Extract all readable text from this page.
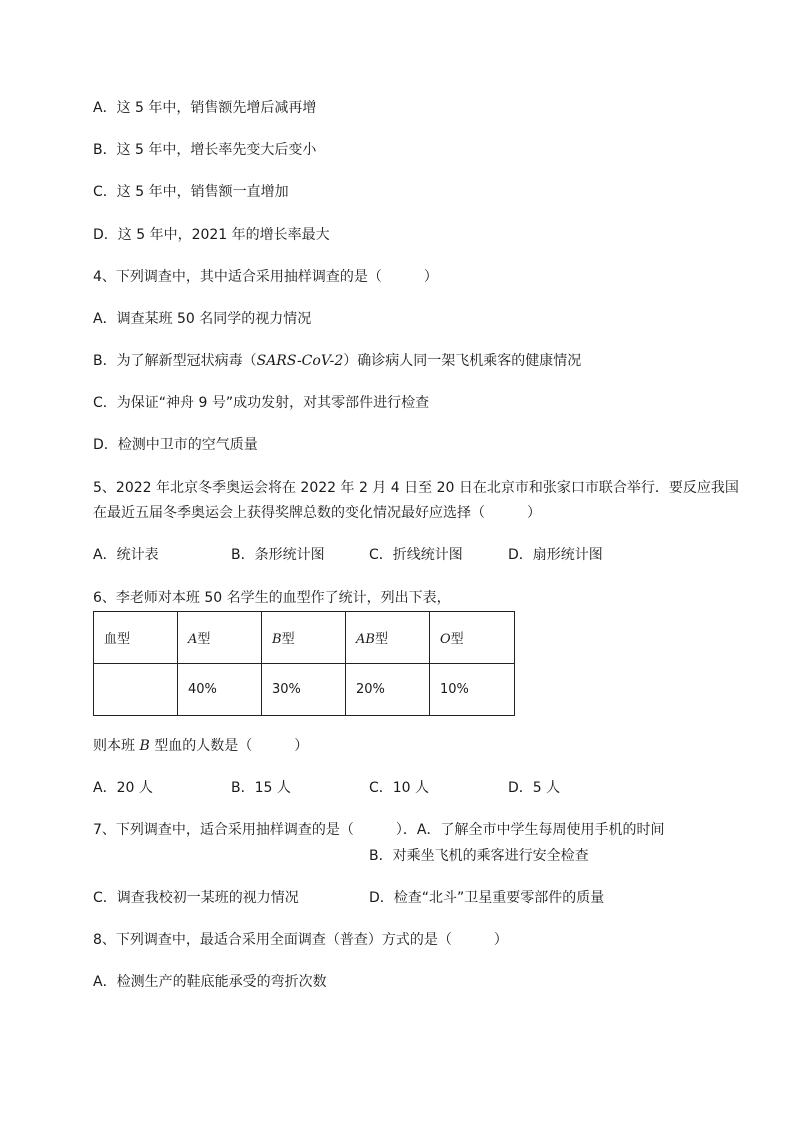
A．这 5 年中，销售额先增后减再增
B．这 5 年中，增长率先变大后变小
C．这 5 年中，销售额一直增加
D．这 5 年中，2021 年的增长率最大
4、下列调查中，其中适合采用抽样调查的是（　　　）
A．调查某班 50 名同学的视力情况
B．为了解新型冠状病毒（SARS-CoV-2）确诊病人同一架飞机乘客的健康情况
C．为保证“神舟 9 号”成功发射，对其零部件进行检查
D．检测中卫市的空气质量
5、2022 年北京冬季奥运会将在 2022 年 2 月 4 日至 20 日在北京市和张家口市联合举行．要反应我国
在最近五届冬季奥运会上获得奖牌总数的变化情况最好应选择（　　　）
A．统计表	B．条形统计图	C．折线统计图	D．扇形统计图
6、李老师对本班 50 名学生的血型作了统计，列出下表，
血型	A型	B型	AB型	O型
	40%	30%	20%	10%
则本班 B 型血的人数是（　　　）
A．20 人	B．15 人	C．10 人	D．5 人
7、下列调查中，适合采用抽样调查的是（　　　）．A．了解全市中学生每周使用手机的时间
B．对乘坐飞机的乘客进行安全检查
C．调查我校初一某班的视力情况	D．检查“北斗”卫星重要零部件的质量
8、下列调查中，最适合采用全面调查（普查）方式的是（　　　）
A．检测生产的鞋底能承受的弯折次数
